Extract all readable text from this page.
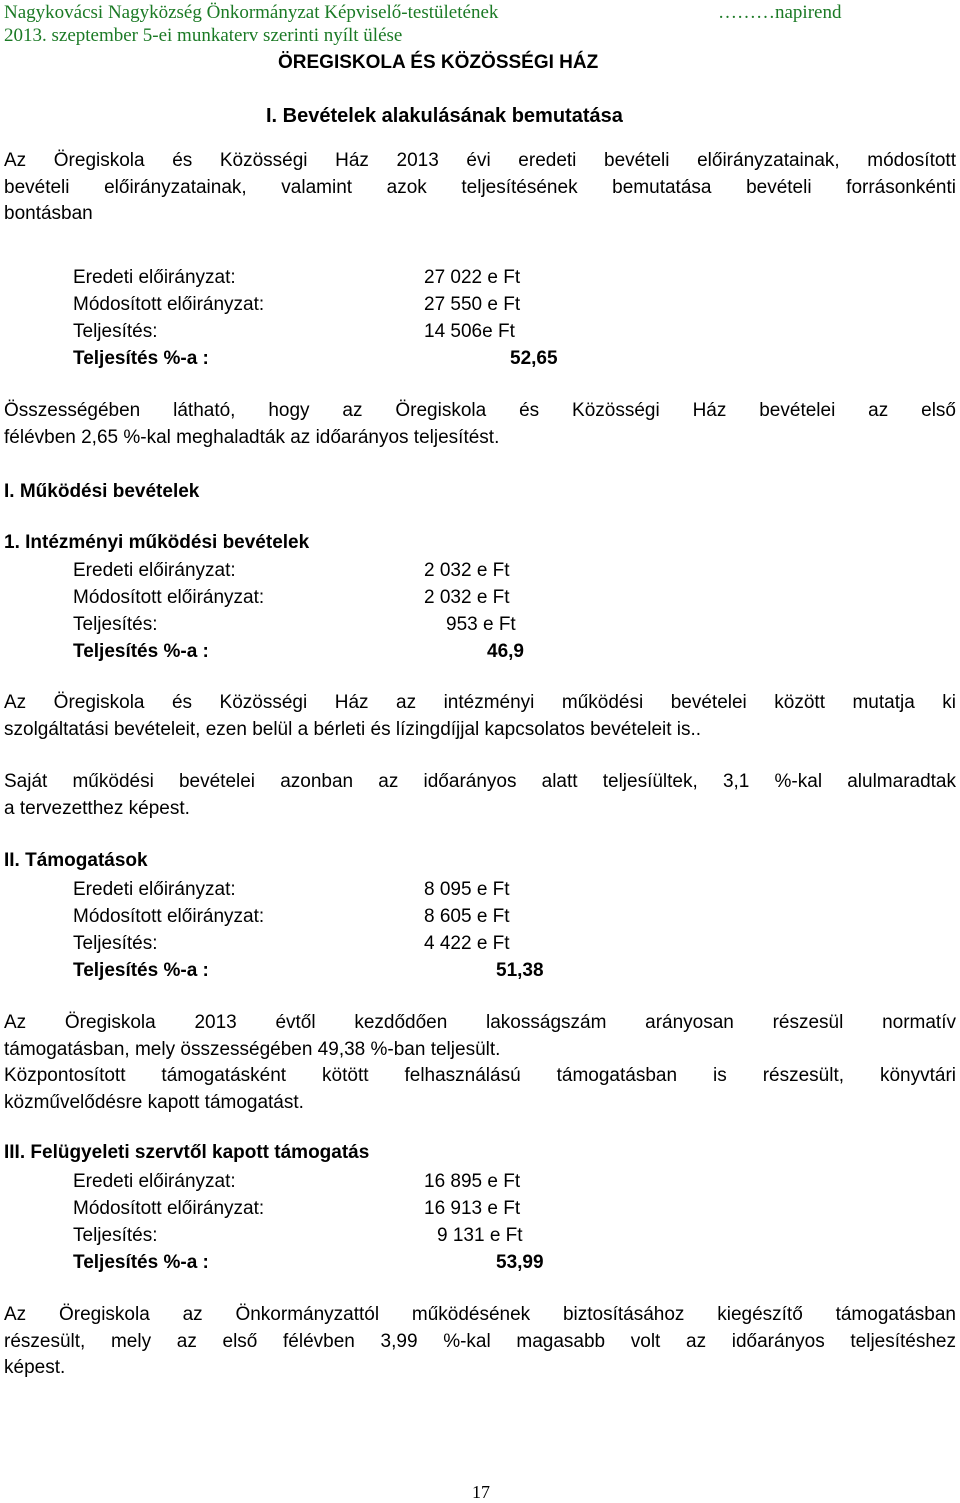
Nagykovácsi Nagyközség Önkormányzat Képviselő-testületének	………napirend
2013. szeptember 5-ei munkaterv szerinti nyílt ülése
ÖREGISKOLA ÉS KÖZÖSSÉGI HÁZ
I. Bevételek alakulásának bemutatása
Az Öregiskola és Közösségi Ház 2013 évi eredeti bevételi előirányzatainak, módosított
bevételi előirányzatainak, valamint azok teljesítésének bemutatása bevételi forrásonkénti
bontásban
Eredeti előirányzat:	27 022 e Ft
Módosított előirányzat:	27 550 e Ft
Teljesítés:	14 506e Ft
Teljesítés %-a :	52,65
Összességében látható, hogy az Öregiskola és Közösségi Ház bevételei az első
félévben 2,65 %-kal meghaladták az időarányos teljesítést.
I. Működési bevételek
1. Intézményi működési bevételek
Eredeti előirányzat:	2 032 e Ft
Módosított előirányzat:	2 032 e Ft
Teljesítés:	953 e Ft
Teljesítés %-a :	46,9
Az Öregiskola és Közösségi Ház az intézményi működési bevételei között mutatja ki
szolgáltatási bevételeit, ezen belül a bérleti és lízingdíjjal kapcsolatos bevételeit is..
Saját működési bevételei azonban az időarányos alatt teljesíültek, 3,1 %-kal alulmaradtak
a tervezetthez képest.
II. Támogatások
Eredeti előirányzat:	8 095 e Ft
Módosított előirányzat:	8 605 e Ft
Teljesítés:	4 422 e Ft
Teljesítés %-a :	51,38
Az Öregiskola 2013 évtől kezdődően lakosságszám arányosan részesül normatív
támogatásban, mely összességében 49,38 %-ban teljesült.
Központosított támogatásként kötött felhasználású támogatásban is részesült, könyvtári
közművelődésre kapott támogatást.
III. Felügyeleti szervtől kapott támogatás
Eredeti előirányzat:	16 895 e Ft
Módosított előirányzat:	16 913 e Ft
Teljesítés:	9 131 e Ft
Teljesítés %-a :	53,99
Az Öregiskola az Önkormányzattól működésének biztosításához kiegészítő támogatásban
részesült, mely az első félévben 3,99 %-kal magasabb volt az időarányos teljesítéshez
képest.
17
